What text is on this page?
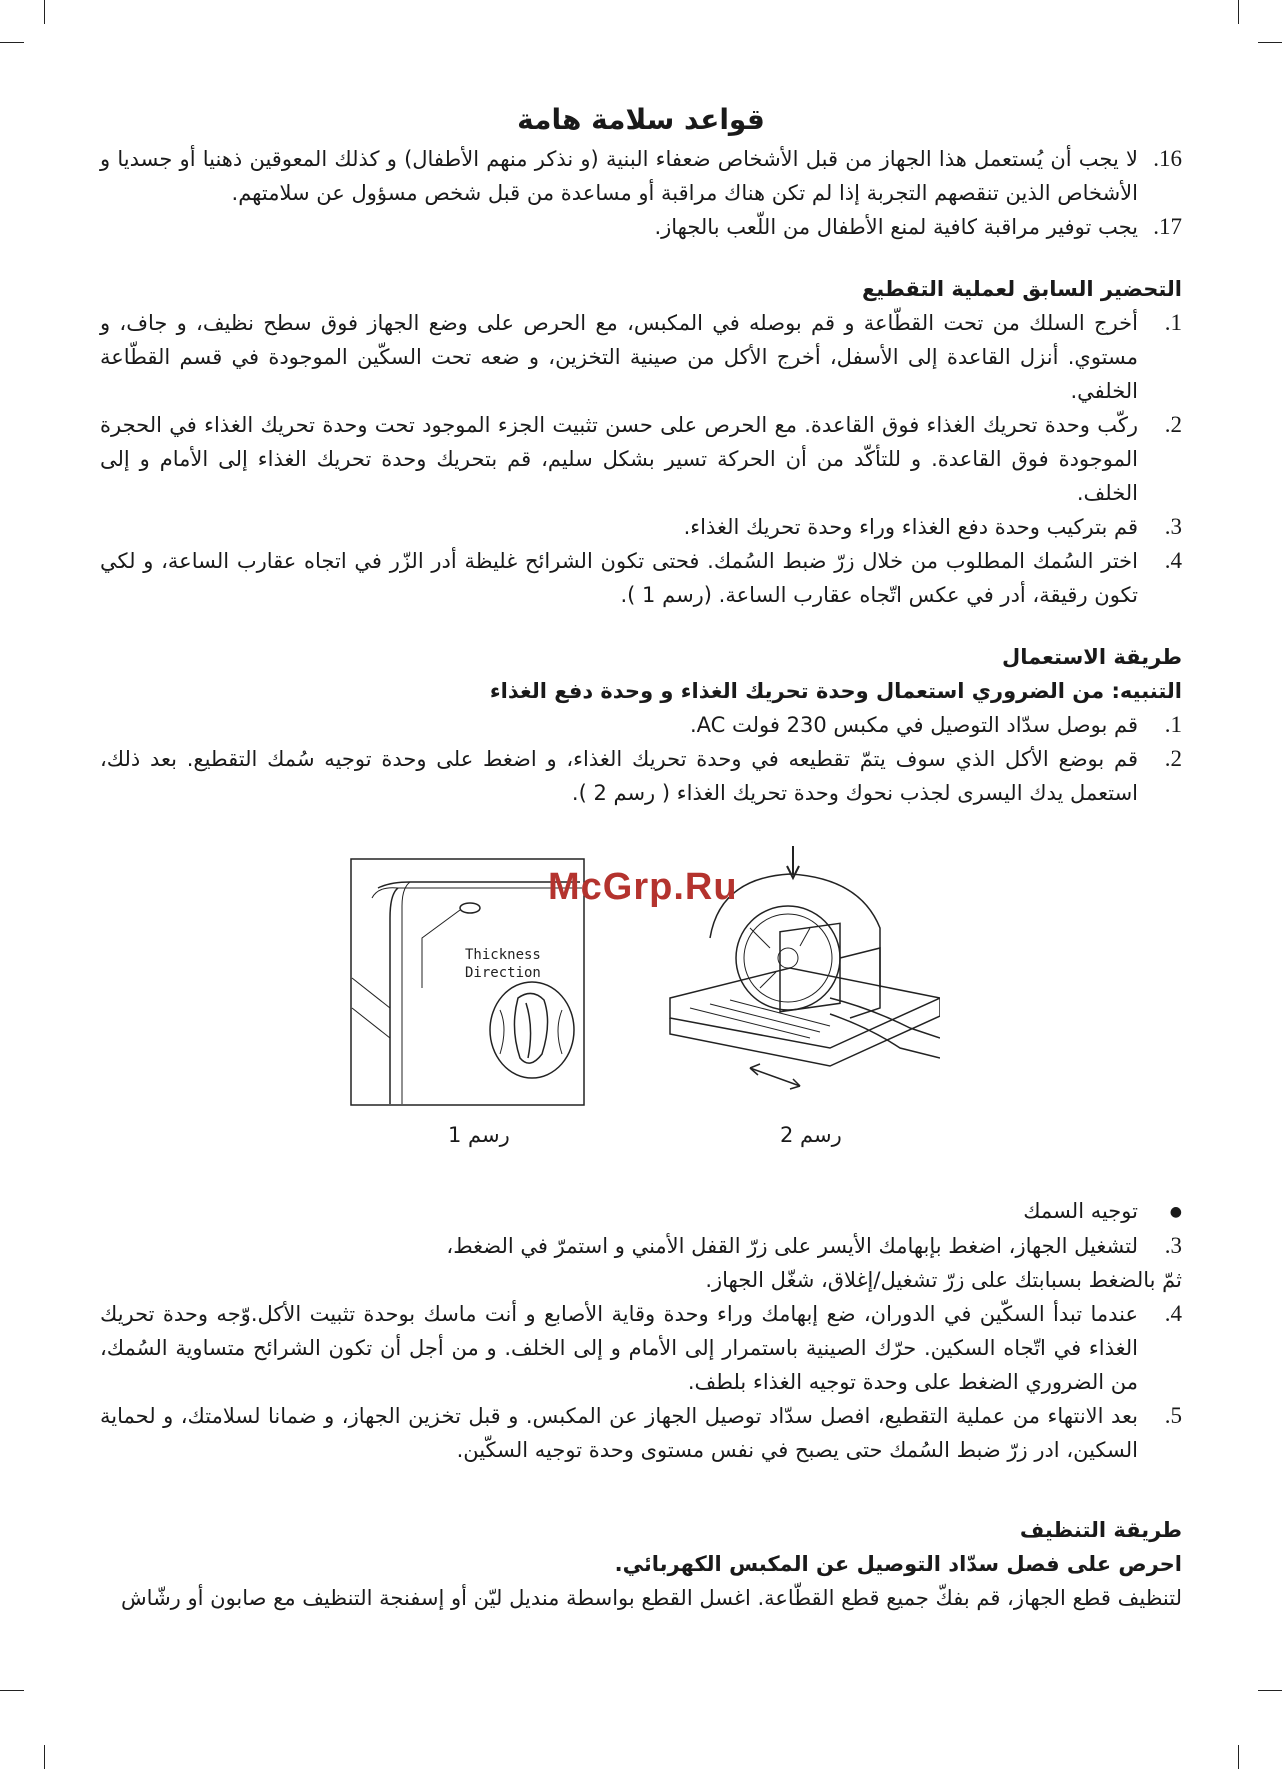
قواعد سلامة هامة
16.
لا يجب أن يُستعمل هذا الجهاز من قبل الأشخاص ضعفاء البنية (و نذكر منهم الأطفال) و كذلك المعوقين ذهنيا أو جسديا و الأشخاص الذين تنقصهم التجربة إذا لم تكن هناك مراقبة أو مساعدة من قبل شخص مسؤول عن سلامتهم.
17.
يجب توفير مراقبة كافية لمنع الأطفال من اللّعب بالجهاز.
التحضير السابق لعملية التقطيع
1.
أخرج السلك من تحت القطّاعة و قم بوصله في المكبس، مع الحرص على وضع الجهاز فوق سطح نظيف، و جاف، و مستوي. أنزل القاعدة إلى الأسفل، أخرج الأكل من صينية التخزين، و ضعه تحت السكّين الموجودة في قسم القطّاعة الخلفي.
2.
ركّب وحدة تحريك الغذاء فوق القاعدة. مع الحرص على حسن تثبيت الجزء الموجود تحت وحدة تحريك الغذاء في الحجرة الموجودة فوق القاعدة. و للتأكّد من أن الحركة تسير بشكل سليم، قم بتحريك وحدة تحريك الغذاء إلى الأمام و إلى الخلف.
3.
قم بتركيب وحدة دفع الغذاء وراء وحدة تحريك الغذاء.
4.
اختر السُمك المطلوب من خلال زرّ ضبط السُمك. فحتى تكون الشرائح غليظة أدر الزّر في اتجاه عقارب الساعة، و لكي تكون رقيقة، أدر في عكس اتّجاه عقارب الساعة. (رسم 1 ).
طريقة الاستعمال
التنبيه: من الضروري استعمال وحدة تحريك الغذاء و وحدة دفع الغذاء
1.
قم بوصل سدّاد التوصيل في مكبس 230 فولت AC.
2.
قم بوضع الأكل الذي سوف يتمّ تقطيعه في وحدة تحريك الغذاء، و اضغط على وحدة توجيه سُمك التقطيع. بعد ذلك، استعمل يدك اليسرى لجذب نحوك وحدة تحريك الغذاء ( رسم 2 ).
Thickness
Direction
رسم 1	رسم 2
●
توجيه السمك
3.
لتشغيل الجهاز، اضغط بإبهامك الأيسر على زرّ القفل الأمني و استمرّ في الضغط،
ثمّ بالضغط بسبابتك على زرّ تشغيل/إغلاق، شغّل الجهاز.
4.
عندما تبدأ السكّين في الدوران، ضع إبهامك وراء وحدة وقاية الأصابع و أنت ماسك بوحدة تثبيت الأكل.وّجه وحدة تحريك الغذاء في اتّجاه السكين. حرّك الصينية باستمرار إلى الأمام و إلى الخلف. و من أجل أن تكون الشرائح متساوية السُمك، من الضروري الضغط على وحدة توجيه الغذاء بلطف.
5.
بعد الانتهاء من عملية التقطيع، افصل سدّاد توصيل الجهاز عن المكبس. و قبل تخزين الجهاز، و ضمانا لسلامتك، و لحماية السكين، ادر زرّ ضبط السُمك حتى يصبح في نفس مستوى وحدة توجيه السكّين.
طريقة التنظيف
احرص على فصل سدّاد التوصيل عن المكبس الكهربائي.
لتنظيف قطع الجهاز، قم بفكّ جميع قطع القطّاعة. اغسل القطع بواسطة منديل ليّن أو إسفنجة التنظيف مع صابون أو رشّاش
McGrp.Ru
